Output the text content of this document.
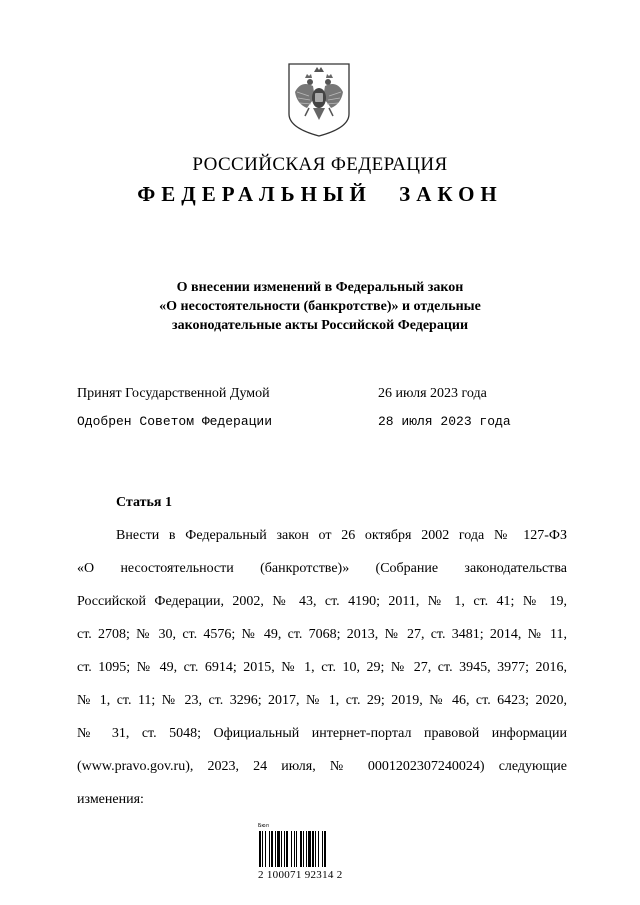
РОССИЙСКАЯ ФЕДЕРАЦИЯ
ФЕДЕРАЛЬНЫЙ ЗАКОН
О внесении изменений в Федеральный закон
«О несостоятельности (банкротстве)» и отдельные
законодательные акты Российской Федерации
Принят Государственной Думой	26 июля 2023 года
Одобрен Советом Федерации	28 июля 2023 года
Статья 1
Внести в Федеральный закон от 26 октября 2002 года № 127-ФЗ
«О несостоятельности (банкротстве)» (Собрание законодательства
Российской Федерации, 2002, № 43, ст. 4190; 2011, № 1, ст. 41; № 19,
ст. 2708; № 30, ст. 4576; № 49, ст. 7068; 2013, № 27, ст. 3481; 2014, № 11,
ст. 1095; № 49, ст. 6914; 2015, № 1, ст. 10, 29; № 27, ст. 3945, 3977; 2016,
№ 1, ст. 11; № 23, ст. 3296; 2017, № 1, ст. 29; 2019, № 46, ст. 6423; 2020,
№ 31, ст. 5048; Официальный интернет-портал правовой информации
(www.pravo.gov.ru), 2023, 24 июля, № 0001202307240024) следующие
изменения:
Бюл
2 100071 92314 2
